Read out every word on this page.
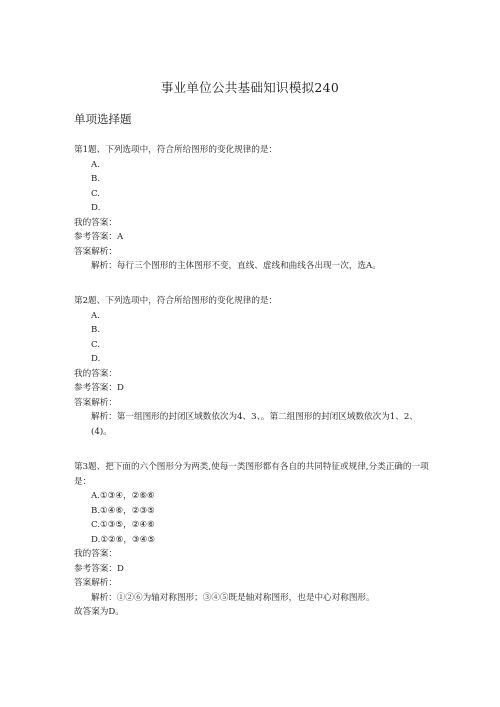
事业单位公共基础知识模拟240
单项选择题
第1题、下列选项中，符合所给图形的变化规律的是：
A.
B.
C.
D.
我的答案：
参考答案：A
答案解析：
解析：每行三个图形的主体图形不变，直线、虚线和曲线各出现一次，选A。
第2题、下列选项中，符合所给图形的变化规律的是：
A.
B.
C.
D.
我的答案：
参考答案：D
答案解析：
解析：第一组图形的封闭区域数依次为4、3、。第二组图形的封闭区域数依次为1、2、(4)。
第3题、把下面的六个图形分为两类,使每一类图形都有各自的共同特征或规律,分类正确的一项是：
A.①③④，②⑥⑥
B.①④⑥，②③⑤
C.①③⑤，②④⑥
D.①②⑥，③④⑤
我的答案：
参考答案：D
答案解析：
解析：①②⑥为轴对称图形；③④⑤既是轴对称图形，也是中心对称图形。
故答案为D。
